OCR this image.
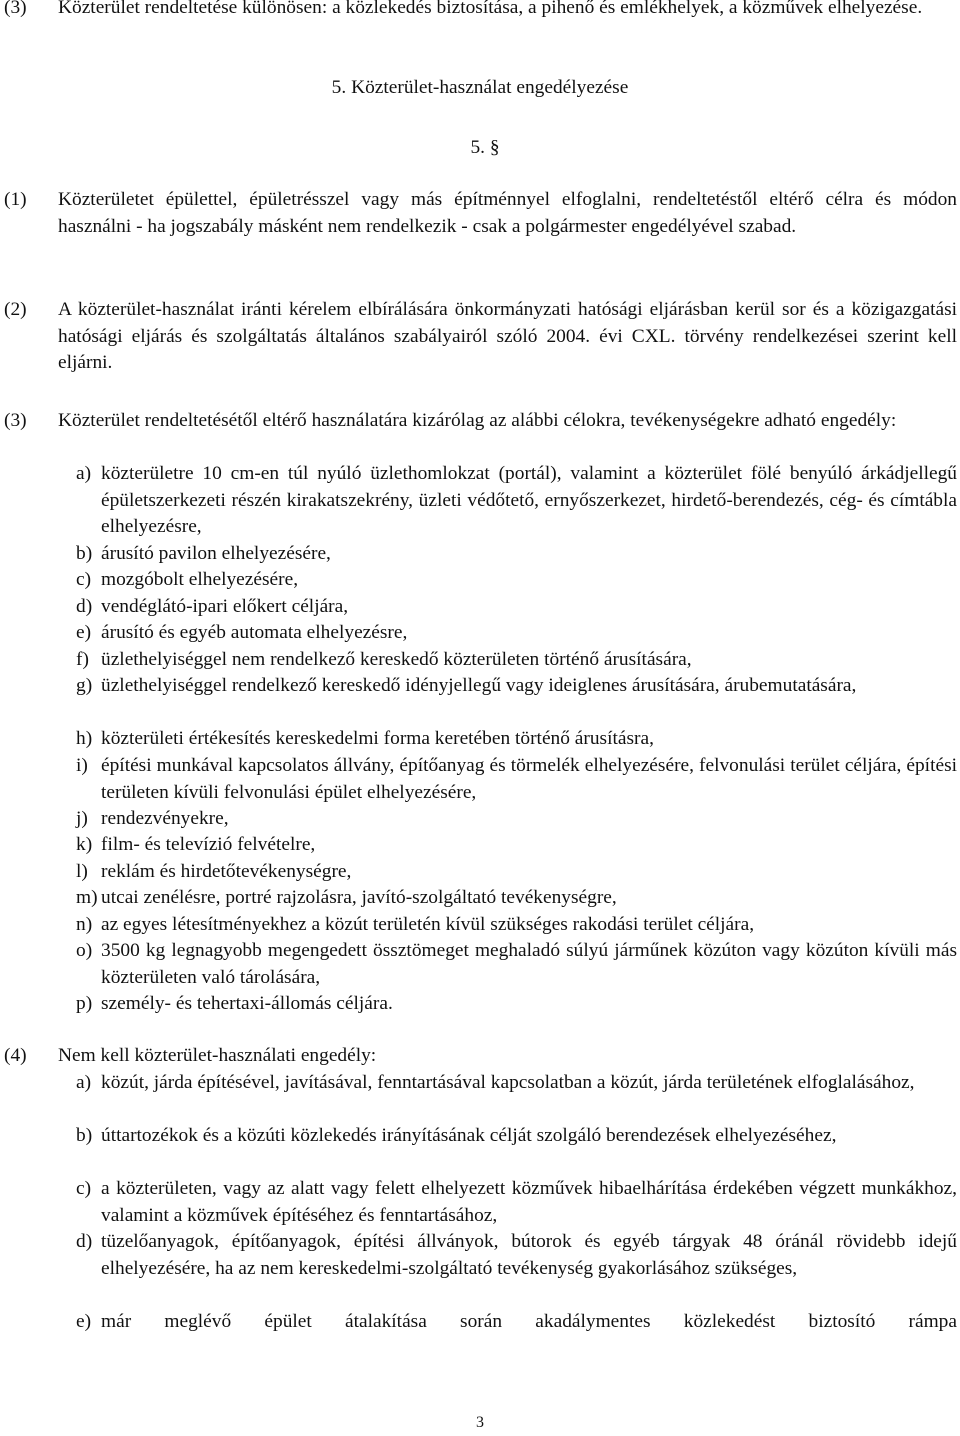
(3) Közterület rendeltetése különösen: a közlekedés biztosítása, a pihenő és emlékhelyek, a közművek elhelyezése.
5. Közterület-használat engedélyezése
5. §
(1) Közterületet épülettel, épületrésszel vagy más építménnyel elfoglalni, rendeltetéstől eltérő célra és módon használni - ha jogszabály másként nem rendelkezik - csak a polgármester engedélyével szabad.
(2) A közterület-használat iránti kérelem elbírálására önkormányzati hatósági eljárásban kerül sor és a közigazgatási hatósági eljárás és szolgáltatás általános szabályairól szóló 2004. évi CXL. törvény rendelkezései szerint kell eljárni.
(3) Közterület rendeltetésétől eltérő használatára kizárólag az alábbi célokra, tevékenységekre adható engedély:
a) közterületre 10 cm-en túl nyúló üzlethomlokzat (portál), valamint a közterület fölé benyúló árkádjellegű épületszerkezeti részén kirakatszekrény, üzleti védőtető, ernyőszerkezet, hirdető-berendezés, cég- és címtábla elhelyezésre,
b) árusító pavilon elhelyezésére,
c) mozgóbolt elhelyezésére,
d) vendéglátó-ipari előkert céljára,
e) árusító és egyéb automata elhelyezésre,
f) üzlethelyiséggel nem rendelkező kereskedő közterületen történő árusítására,
g) üzlethelyiséggel rendelkező kereskedő idényjellegű vagy ideiglenes árusítására, árubemutatására,
h) közterületi értékesítés kereskedelmi forma keretében történő árusításra,
i) építési munkával kapcsolatos állvány, építőanyag és törmelék elhelyezésére, felvonulási terület céljára, építési területen kívüli felvonulási épület elhelyezésére,
j) rendezvényekre,
k) film- és televízió felvételre,
l) reklám és hirdetőtevékenységre,
m) utcai zenélésre, portré rajzolásra, javító-szolgáltató tevékenységre,
n) az egyes létesítményekhez a közút területén kívül szükséges rakodási terület céljára,
o) 3500 kg legnagyobb megengedett össztömeget meghaladó súlyú járműnek közúton vagy közúton kívüli más közterületen való tárolására,
p) személy- és tehertaxi-állomás céljára.
(4) Nem kell közterület-használati engedély:
a) közút, járda építésével, javításával, fenntartásával kapcsolatban a közút, járda területének elfoglalásához,
b) úttartozékok és a közúti közlekedés irányításának célját szolgáló berendezések elhelyezéséhez,
c) a közterületen, vagy az alatt vagy felett elhelyezett közművek hibaelhárítása érdekében végzett munkákhoz, valamint a közművek építéséhez és fenntartásához,
d) tüzelőanyagok, építőanyagok, építési állványok, bútorok és egyéb tárgyak 48 óránál rövidebb idejű elhelyezésére, ha az nem kereskedelmi-szolgáltató tevékenység gyakorlásához szükséges,
e) már meglévő épület átalakítása során akadálymentes közlekedést biztosító rámpa
3
